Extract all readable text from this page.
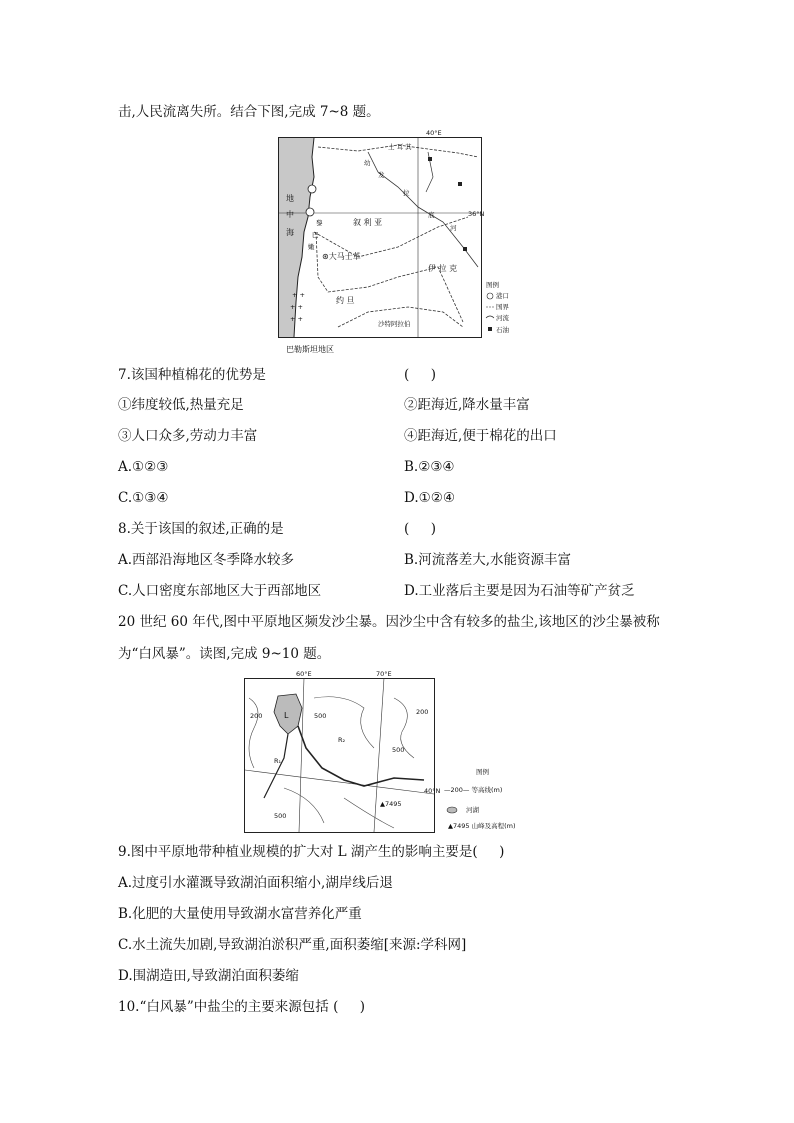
击,人民流离失所。结合下图,完成 7~8 题。
40°E
36°N
地
中
海
叙 利 亚
⊛大马士革
土 耳 其
幼
发
拉
底
河
伊 拉 克
约 旦
沙特阿拉伯
黎
巴
嫩
+ +
+ +
+ +
图例
港口
国界
河流
石油
巴勒斯坦地区
7.该国种植棉花的优势是	(     )
①纬度较低,热量充足	②距海近,降水量丰富
③人口众多,劳动力丰富	④距海近,便于棉花的出口
A.①②③	B.②③④
C.①③④	D.①②④
8.关于该国的叙述,正确的是	(     )
A.西部沿海地区冬季降水较多	B.河流落差大,水能资源丰富
C.人口密度东部地区大于西部地区	D.工业落后主要是因为石油等矿产贫乏
20 世纪 60 年代,图中平原地区频发沙尘暴。因沙尘中含有较多的盐尘,该地区的沙尘暴被称
为“白风暴”。读图,完成 9~10 题。
60°E	70°E
40°N
L
R₁
R₂
200
500
500
500
200
▲7495
图例
—200— 等高线(m)
河湖
▲7495 山峰及高程(m)
9.图中平原地带种植业规模的扩大对 L 湖产生的影响主要是(     )
A.过度引水灌溉导致湖泊面积缩小,湖岸线后退
B.化肥的大量使用导致湖水富营养化严重
C.水土流失加剧,导致湖泊淤积严重,面积萎缩[来源:学科网]
D.围湖造田,导致湖泊面积萎缩
10.“白风暴”中盐尘的主要来源包括 (     )
